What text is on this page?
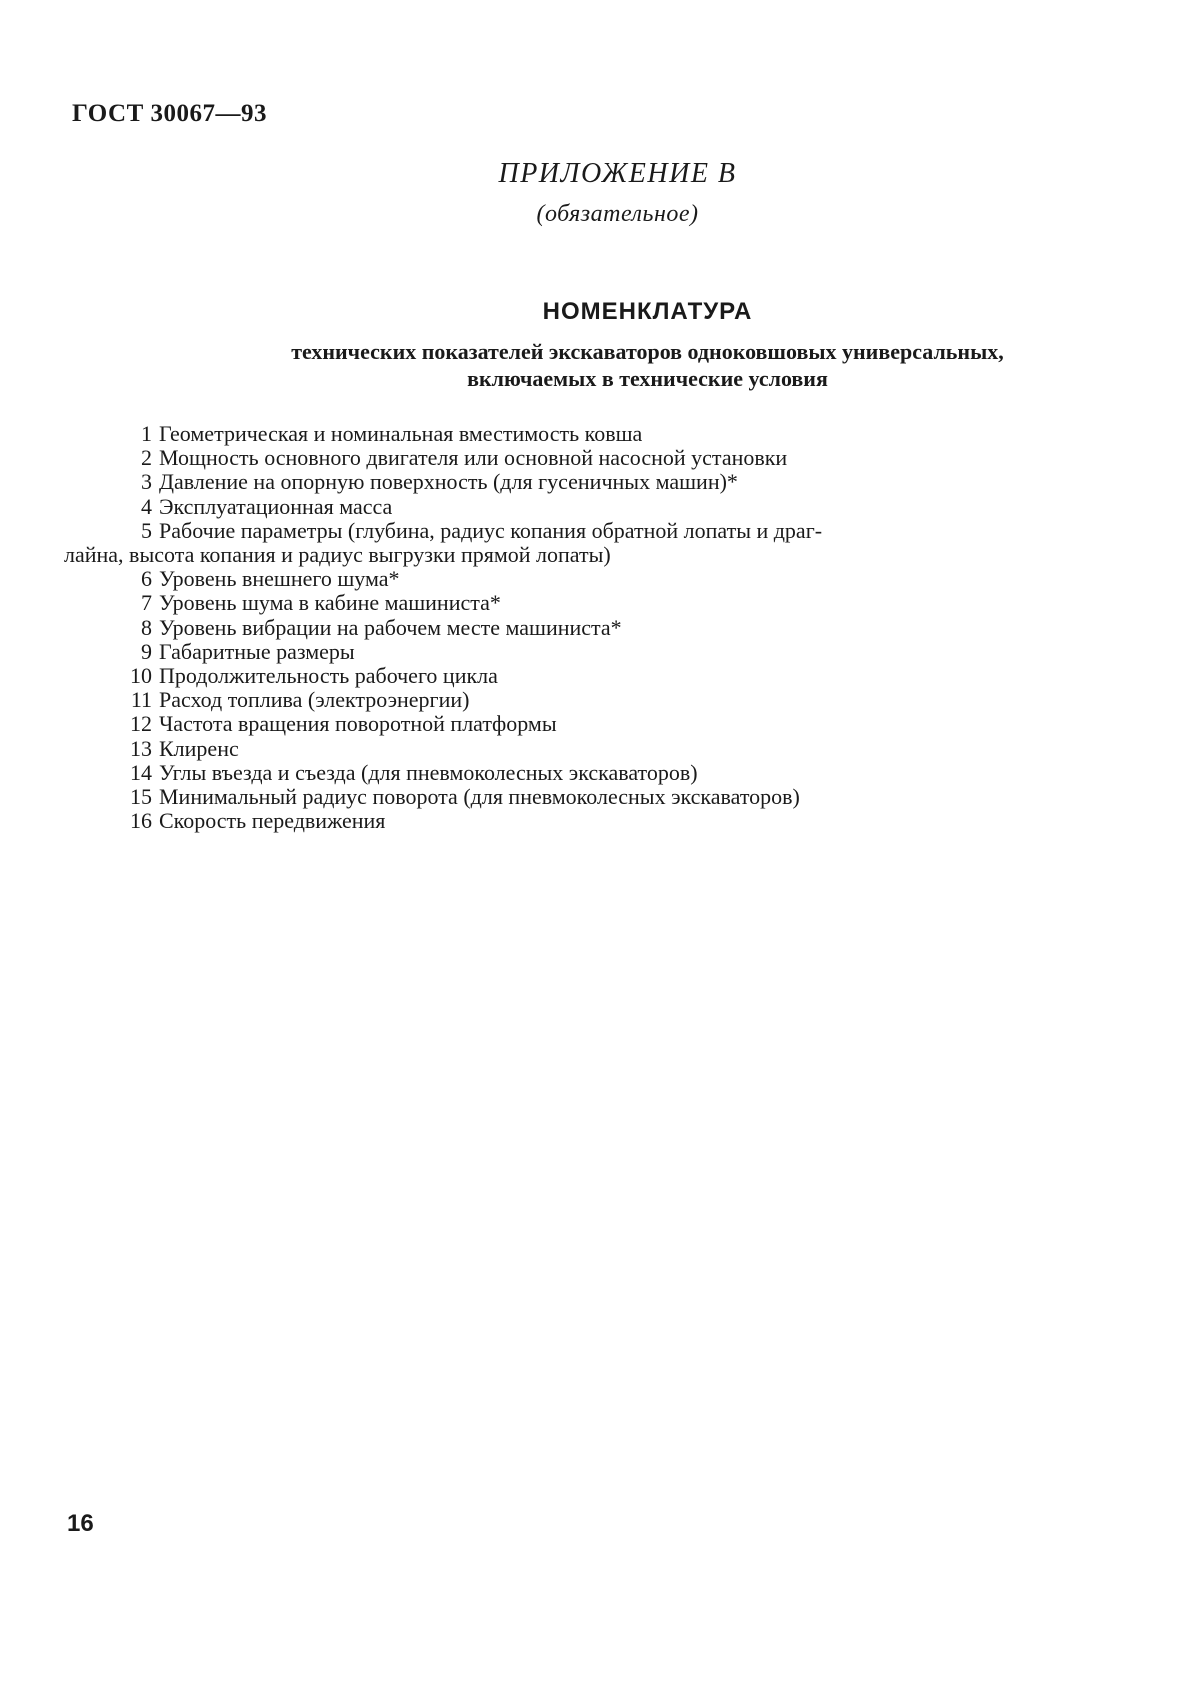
ГОСТ 30067—93
ПРИЛОЖЕНИЕ В
(обязательное)
НОМЕНКЛАТУРА
технических показателей экскаваторов одноковшовых универсальных,
включаемых в технические условия
1 Геометрическая и номинальная вместимость ковша
2 Мощность основного двигателя или основной насосной установки
3 Давление на опорную поверхность (для гусеничных машин)*
4 Эксплуатационная масса
5 Рабочие параметры (глубина, радиус копания обратной лопаты и драг-
лайна, высота копания и радиус выгрузки прямой лопаты)
6 Уровень внешнего шума*
7 Уровень шума в кабине машиниста*
8 Уровень вибрации на рабочем месте машиниста*
9 Габаритные размеры
10 Продолжительность рабочего цикла
11 Расход топлива (электроэнергии)
12 Частота вращения поворотной платформы
13 Клиренс
14 Углы въезда и съезда (для пневмоколесных экскаваторов)
15 Минимальный радиус поворота (для пневмоколесных экскаваторов)
16 Скорость передвижения
16
